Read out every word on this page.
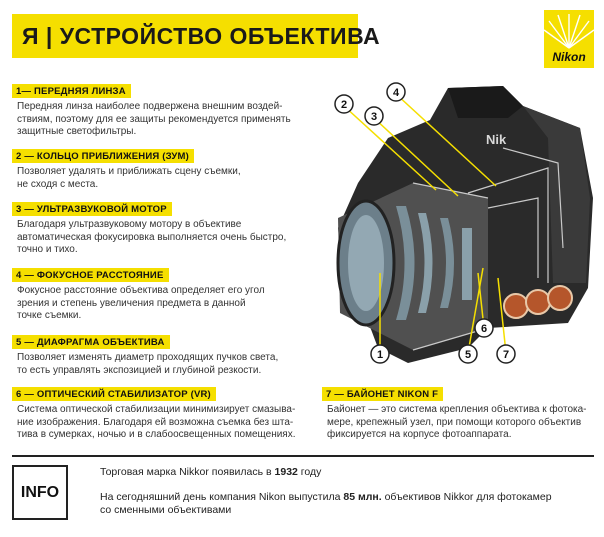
Я | УСТРОЙСТВО ОБЪЕКТИВА
Nikon
1— ПЕРЕДНЯЯ ЛИНЗА
Передняя линза наиболее подвержена внешним воздей-
ствиям, поэтому для ее защиты рекомендуется применять
защитные светофильтры.
2 — КОЛЬЦО ПРИБЛИЖЕНИЯ (ЗУМ)
Позволяет удалять и приближать сцену съемки,
не сходя с места.
3 — УЛЬТРАЗВУКОВОЙ МОТОР
Благодаря ультразвуковому мотору в объективе
автоматическая фокусировка выполняется очень быстро,
точно и тихо.
4 — ФОКУСНОЕ РАССТОЯНИЕ
Фокусное расстояние объектива определяет его угол
зрения и степень увеличения предмета в данной
точке съемки.
5 — ДИАФРАГМА ОБЪЕКТИВА
Позволяет изменять диаметр проходящих пучков света,
то есть управлять экспозицией и глубиной резкости.
6 — ОПТИЧЕСКИЙ СТАБИЛИЗАТОР (VR)
Система оптической стабилизации минимизирует смазыва-
ние изображения. Благодаря ей возможна съемка без шта-
тива в сумерках, ночью и в слабоосвещенных помещениях.
7 — БАЙОНЕТ NIKON F
Байонет — это система крепления объектива к фотока-
мере, крепежный узел, при помощи которого объектив
фиксируется на корпусе фотоаппарата.
Nik
2
3
4
1	5
6
7
INFO
Торговая марка Nikkor появилась в 1932 году
На сегодняшний день компания Nikon выпустила 85 млн. объективов Nikkor для фотокамер
со сменными объективами
